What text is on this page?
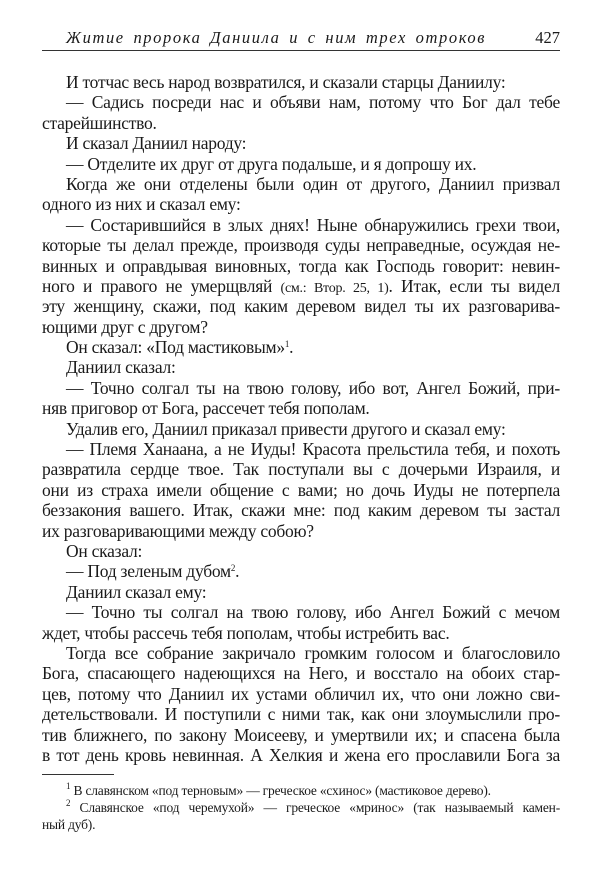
Житие пророка Даниила и с ним трех отроков	427
И тотчас весь народ возвратился, и сказали старцы Даниилу:
— Садись посреди нас и объяви нам, потому что Бог дал тебе
старейшинство.
И сказал Даниил народу:
— Отделите их друг от друга подальше, и я допрошу их.
Когда же они отделены были один от другого, Даниил призвал
одного из них и сказал ему:
— Состарившийся в злых днях! Ныне обнаружились грехи твои,
которые ты делал прежде, производя суды неправедные, осуждая не-
винных и оправдывая виновных, тогда как Господь говорит: невин-
ного и правого не умерщвляй (см.: Втор. 25, 1). Итак, если ты видел
эту женщину, скажи, под каким деревом видел ты их разговарива-
ющими друг с другом?
Он сказал: «Под мастиковым»$^1$.
Даниил сказал:
— Точно солгал ты на твою голову, ибо вот, Ангел Божий, при-
няв приговор от Бога, рассечет тебя пополам.
Удалив его, Даниил приказал привести другого и сказал ему:
— Племя Ханаана, а не Иуды! Красота прельстила тебя, и похоть
развратила сердце твое. Так поступали вы с дочерьми Израиля, и
они из страха имели общение с вами; но дочь Иуды не потерпела
беззакония вашего. Итак, скажи мне: под каким деревом ты застал
их разговаривающими между собою?
Он сказал:
— Под зеленым дубом$^2$.
Даниил сказал ему:
— Точно ты солгал на твою голову, ибо Ангел Божий с мечом
ждет, чтобы рассечь тебя пополам, чтобы истребить вас.
Тогда все собрание закричало громким голосом и благословило
Бога, спасающего надеющихся на Него, и восстало на обоих стар-
цев, потому что Даниил их устами обличил их, что они ложно сви-
детельствовали. И поступили с ними так, как они злоумыслили про-
тив ближнего, по закону Моисееву, и умертвили их; и спасена была
в тот день кровь невинная. А Хелкия и жена его прославили Бога за
$^1$ В славянском «под терновым» — греческое «схинос» (мастиковое дерево).
$^2$ Славянское «под черемухой» — греческое «мринос» (так называемый камен-
ный дуб).
